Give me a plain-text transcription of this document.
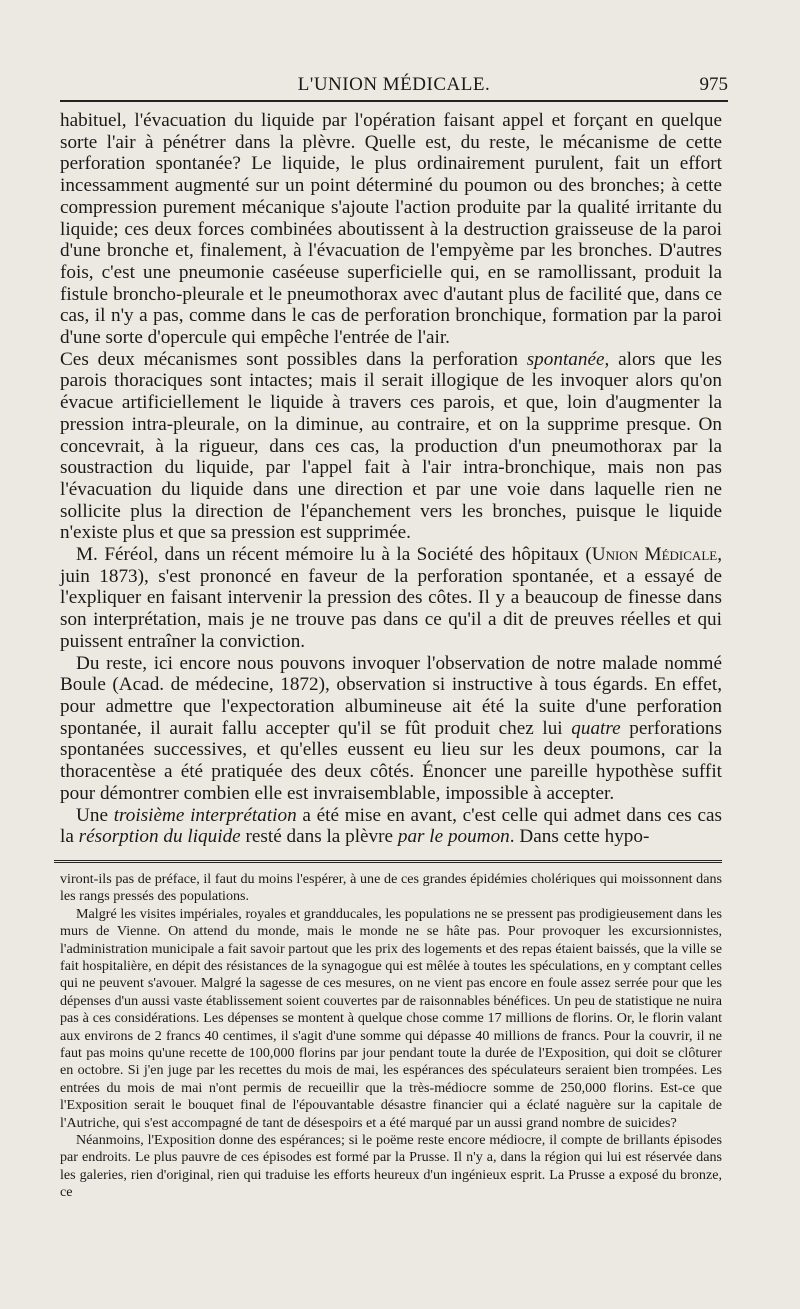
L'UNION MÉDICALE.	975

habituel, l'évacuation du liquide par l'opération faisant appel et forçant en quelque sorte l'air à pénétrer dans la plèvre. Quelle est, du reste, le mécanisme de cette perforation spontanée? Le liquide, le plus ordinairement purulent, fait un effort incessamment augmenté sur un point déterminé du poumon ou des bronches; à cette compression purement mécanique s'ajoute l'action produite par la qualité irritante du liquide; ces deux forces combinées aboutissent à la destruction graisseuse de la paroi d'une bronche et, finalement, à l'évacuation de l'empyème par les bronches. D'autres fois, c'est une pneumonie caséeuse superficielle qui, en se ramollissant, produit la fistule broncho-pleurale et le pneumothorax avec d'autant plus de facilité que, dans ce cas, il n'y a pas, comme dans le cas de perforation bronchique, formation par la paroi d'une sorte d'opercule qui empêche l'entrée de l'air.

Ces deux mécanismes sont possibles dans la perforation spontanée, alors que les parois thoraciques sont intactes; mais il serait illogique de les invoquer alors qu'on évacue artificiellement le liquide à travers ces parois, et que, loin d'augmenter la pression intra-pleurale, on la diminue, au contraire, et on la supprime presque. On concevrait, à la rigueur, dans ces cas, la production d'un pneumothorax par la soustraction du liquide, par l'appel fait à l'air intra-bronchique, mais non pas l'évacuation du liquide dans une direction et par une voie dans laquelle rien ne sollicite plus la direction de l'épanchement vers les bronches, puisque le liquide n'existe plus et que sa pression est supprimée.

M. Féréol, dans un récent mémoire lu à la Société des hôpitaux (Union Médicale, juin 1873), s'est prononcé en faveur de la perforation spontanée, et a essayé de l'expliquer en faisant intervenir la pression des côtes. Il y a beaucoup de finesse dans son interprétation, mais je ne trouve pas dans ce qu'il a dit de preuves réelles et qui puissent entraîner la conviction.

Du reste, ici encore nous pouvons invoquer l'observation de notre malade nommé Boule (Acad. de médecine, 1872), observation si instructive à tous égards. En effet, pour admettre que l'expectoration albumineuse ait été la suite d'une perforation spontanée, il aurait fallu accepter qu'il se fût produit chez lui quatre perforations spontanées successives, et qu'elles eussent eu lieu sur les deux poumons, car la thoracentèse a été pratiquée des deux côtés. Énoncer une pareille hypothèse suffit pour démontrer combien elle est invraisemblable, impossible à accepter.

Une troisième interprétation a été mise en avant, c'est celle qui admet dans ces cas la résorption du liquide resté dans la plèvre par le poumon. Dans cette hypo-

viront-ils pas de préface, il faut du moins l'espérer, à une de ces grandes épidémies cholériques qui moissonnent dans les rangs pressés des populations.

Malgré les visites impériales, royales et grandducales, les populations ne se pressent pas prodigieusement dans les murs de Vienne. On attend du monde, mais le monde ne se hâte pas. Pour provoquer les excursionnistes, l'administration municipale a fait savoir partout que les prix des logements et des repas étaient baissés, que la ville se fait hospitalière, en dépit des résistances de la synagogue qui est mêlée à toutes les spéculations, en y comptant celles qui ne peuvent s'avouer. Malgré la sagesse de ces mesures, on ne vient pas encore en foule assez serrée pour que les dépenses d'un aussi vaste établissement soient couvertes par de raisonnables bénéfices. Un peu de statistique ne nuira pas à ces considérations. Les dépenses se montent à quelque chose comme 17 millions de florins. Or, le florin valant aux environs de 2 francs 40 centimes, il s'agit d'une somme qui dépasse 40 millions de francs. Pour la couvrir, il ne faut pas moins qu'une recette de 100,000 florins par jour pendant toute la durée de l'Exposition, qui doit se clôturer en octobre. Si j'en juge par les recettes du mois de mai, les espérances des spéculateurs seraient bien trompées. Les entrées du mois de mai n'ont permis de recueillir que la très-médiocre somme de 250,000 florins. Est-ce que l'Exposition serait le bouquet final de l'épouvantable désastre financier qui a éclaté naguère sur la capitale de l'Autriche, qui s'est accompagné de tant de désespoirs et a été marqué par un aussi grand nombre de suicides?

Néanmoins, l'Exposition donne des espérances; si le poëme reste encore médiocre, il compte de brillants épisodes par endroits. Le plus pauvre de ces épisodes est formé par la Prusse. Il n'y a, dans la région qui lui est réservée dans les galeries, rien d'original, rien qui traduise les efforts heureux d'un ingénieux esprit. La Prusse a exposé du bronze, ce
